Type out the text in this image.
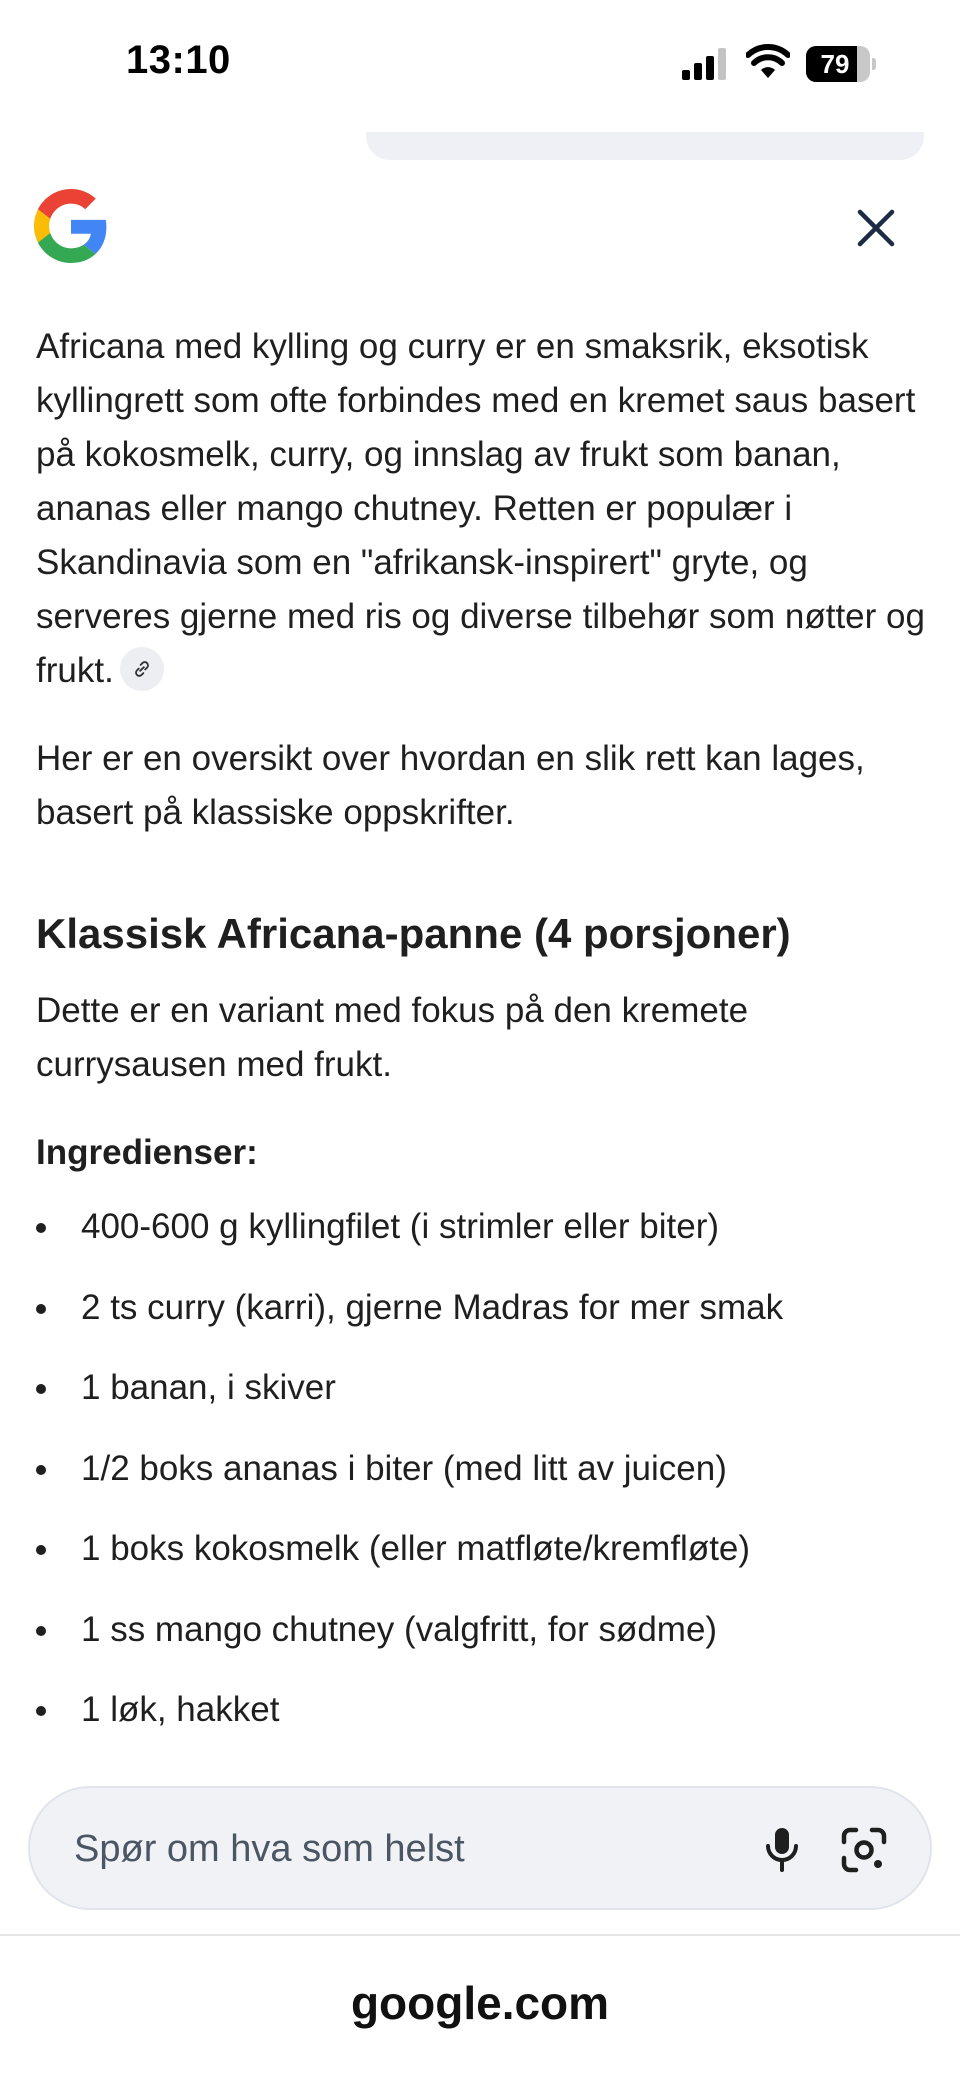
13:10	79

Africana med kylling og curry er en smaksrik, eksotisk kyllingrett som ofte forbindes med en kremet saus basert på kokosmelk, curry, og innslag av frukt som banan, ananas eller mango chutney. Retten er populær i Skandinavia som en "afrikansk-inspirert" gryte, og serveres gjerne med ris og diverse tilbehør som nøtter og frukt.

Her er en oversikt over hvordan en slik rett kan lages, basert på klassiske oppskrifter.

Klassisk Africana-panne (4 porsjoner)

Dette er en variant med fokus på den kremete currysausen med frukt.

Ingredienser:

400-600 g kyllingfilet (i strimler eller biter)
2 ts curry (karri), gjerne Madras for mer smak
1 banan, i skiver
1/2 boks ananas i biter (med litt av juicen)
1 boks kokosmelk (eller matfløte/kremfløte)
1 ss mango chutney (valgfritt, for sødme)
1 løk, hakket
Spør om hva som helst
google.com
